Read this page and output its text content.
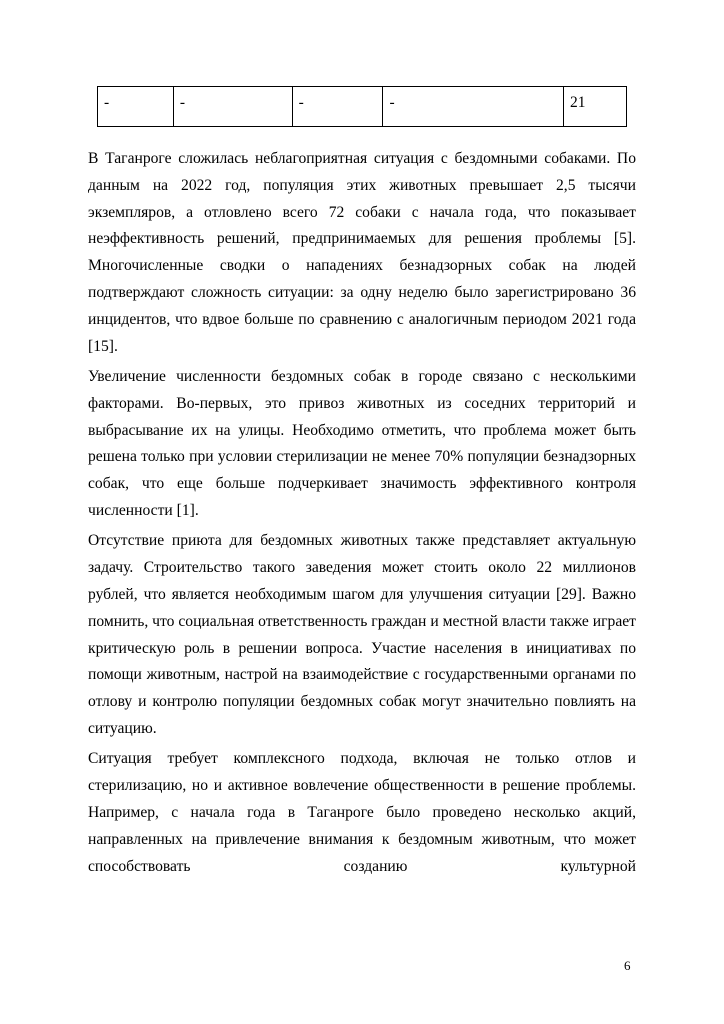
-	-	-	-	21

В Таганроге сложилась неблагоприятная ситуация с бездомными собаками. По данным на 2022 год, популяция этих животных превышает 2,5 тысячи экземпляров, а отловлено всего 72 собаки с начала года, что показывает неэффективность решений, предпринимаемых для решения проблемы [5]. Многочисленные сводки о нападениях безнадзорных собак на людей подтверждают сложность ситуации: за одну неделю было зарегистрировано 36 инцидентов, что вдвое больше по сравнению с аналогичным периодом 2021 года [15].

Увеличение численности бездомных собак в городе связано с несколькими факторами. Во-первых, это привоз животных из соседних территорий и выбрасывание их на улицы. Необходимо отметить, что проблема может быть решена только при условии стерилизации не менее 70% популяции безнадзорных собак, что еще больше подчеркивает значимость эффективного контроля численности [1].

Отсутствие приюта для бездомных животных также представляет актуальную задачу. Строительство такого заведения может стоить около 22 миллионов рублей, что является необходимым шагом для улучшения ситуации [29]. Важно помнить, что социальная ответственность граждан и местной власти также играет критическую роль в решении вопроса. Участие населения в инициативах по помощи животным, настрой на взаимодействие с государственными органами по отлову и контролю популяции бездомных собак могут значительно повлиять на ситуацию.

Ситуация требует комплексного подхода, включая не только отлов и стерилизацию, но и активное вовлечение общественности в решение проблемы. Например, с начала года в Таганроге было проведено несколько акций, направленных на привлечение внимания к бездомным животным, что может способствовать созданию культурной

6
